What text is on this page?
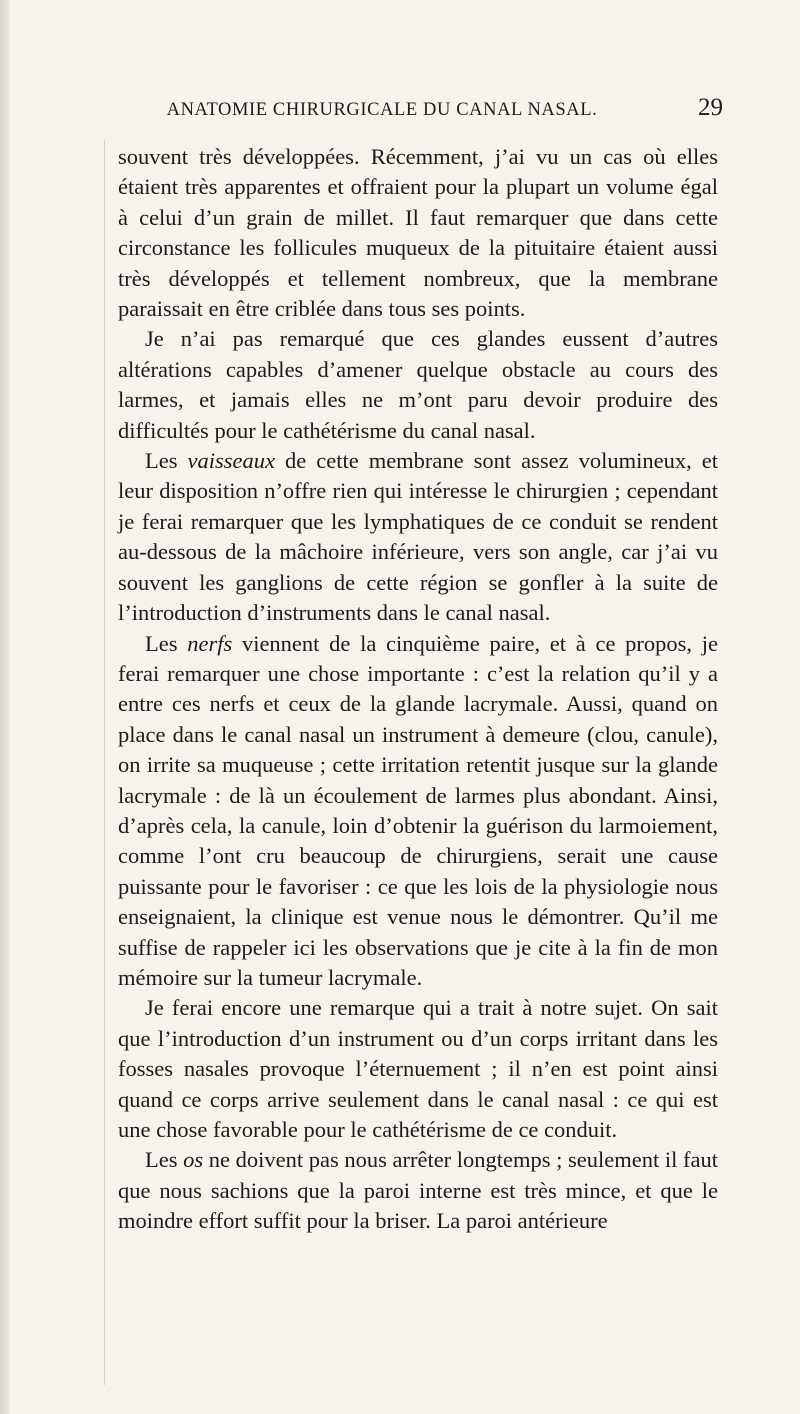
ANATOMIE CHIRURGICALE DU CANAL NASAL.	29

souvent très développées. Récemment, j’ai vu un cas où elles étaient très apparentes et offraient pour la plupart un volume égal à celui d’un grain de millet. Il faut remarquer que dans cette circonstance les follicules muqueux de la pituitaire étaient aussi très développés et tellement nombreux, que la membrane paraissait en être criblée dans tous ses points.

Je n’ai pas remarqué que ces glandes eussent d’autres altérations capables d’amener quelque obstacle au cours des larmes, et jamais elles ne m’ont paru devoir produire des difficultés pour le cathétérisme du canal nasal.

Les vaisseaux de cette membrane sont assez volumineux, et leur disposition n’offre rien qui intéresse le chirurgien ; cependant je ferai remarquer que les lymphatiques de ce conduit se rendent au-dessous de la mâchoire inférieure, vers son angle, car j’ai vu souvent les ganglions de cette région se gonfler à la suite de l’introduction d’instruments dans le canal nasal.

Les nerfs viennent de la cinquième paire, et à ce propos, je ferai remarquer une chose importante : c’est la relation qu’il y a entre ces nerfs et ceux de la glande lacrymale. Aussi, quand on place dans le canal nasal un instrument à demeure (clou, canule), on irrite sa muqueuse ; cette irritation retentit jusque sur la glande lacrymale : de là un écoulement de larmes plus abondant. Ainsi, d’après cela, la canule, loin d’obtenir la guérison du larmoiement, comme l’ont cru beaucoup de chirurgiens, serait une cause puissante pour le favoriser : ce que les lois de la physiologie nous enseignaient, la clinique est venue nous le démontrer. Qu’il me suffise de rappeler ici les observations que je cite à la fin de mon mémoire sur la tumeur lacrymale.

Je ferai encore une remarque qui a trait à notre sujet. On sait que l’introduction d’un instrument ou d’un corps irritant dans les fosses nasales provoque l’éternuement ; il n’en est point ainsi quand ce corps arrive seulement dans le canal nasal : ce qui est une chose favorable pour le cathétérisme de ce conduit.

Les os ne doivent pas nous arrêter longtemps ; seulement il faut que nous sachions que la paroi interne est très mince, et que le moindre effort suffit pour la briser. La paroi antérieure
